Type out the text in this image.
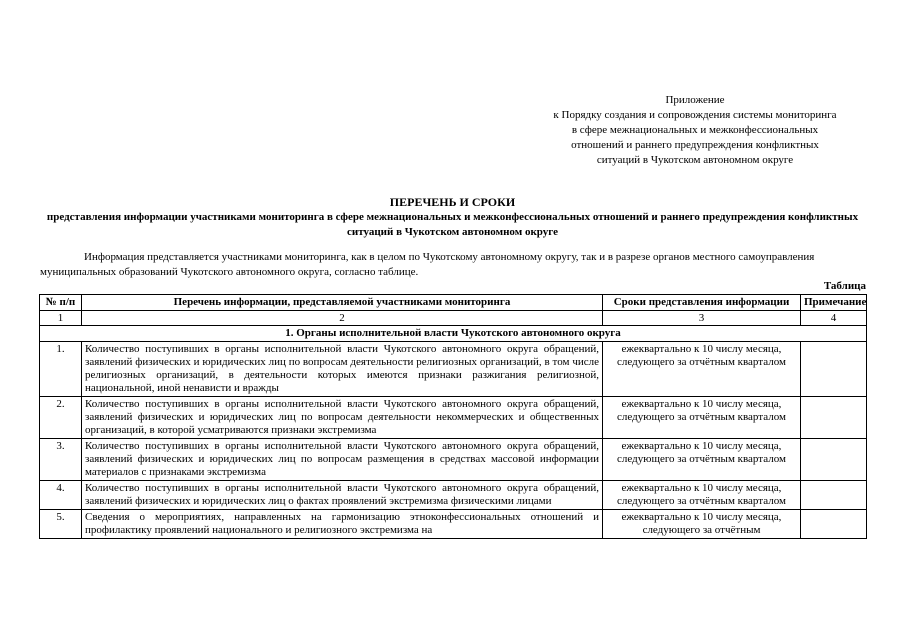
Приложение
к Порядку создания и сопровождения системы мониторинга
в сфере межнациональных и межконфессиональных
отношений и раннего предупреждения конфликтных
ситуаций в Чукотском автономном округе
ПЕРЕЧЕНЬ И СРОКИ
представления информации участниками мониторинга в сфере межнациональных и межконфессиональных отношений и раннего предупреждения конфликтных ситуаций в Чукотском автономном округе
Информация представляется участниками мониторинга, как в целом по Чукотскому автономному округу, так и в разрезе органов местного самоуправления муниципальных образований Чукотского автономного округа, согласно таблице.
Таблица
№ п/п	Перечень информации, представляемой участниками мониторинга	Сроки представления информации	Примечание
1	2	3	4
1. Органы исполнительной власти Чукотского автономного округа			
1.	Количество поступивших в органы исполнительной власти Чукотского автономного округа обращений, заявлений физических и юридических лиц по вопросам деятельности религиозных организаций, в том числе религиозных организаций, в деятельности которых имеются признаки разжигания религиозной, национальной, иной ненависти и вражды	ежеквартально к 10 числу месяца, следующего за отчётным кварталом	
2.	Количество поступивших в органы исполнительной власти Чукотского автономного округа обращений, заявлений физических и юридических лиц по вопросам деятельности некоммерческих и общественных организаций, в которой усматриваются признаки экстремизма	ежеквартально к 10 числу месяца, следующего за отчётным кварталом	
3.	Количество поступивших в органы исполнительной власти Чукотского автономного округа обращений, заявлений физических и юридических лиц по вопросам размещения в средствах массовой информации материалов с признаками экстремизма	ежеквартально к 10 числу месяца, следующего за отчётным кварталом	
4.	Количество поступивших в органы исполнительной власти Чукотского автономного округа обращений, заявлений физических и юридических лиц о фактах проявлений экстремизма физическими лицами	ежеквартально к 10 числу месяца, следующего за отчётным кварталом	
5.	Сведения о мероприятиях, направленных на гармонизацию этноконфессиональных отношений и профилактику проявлений национального и религиозного экстремизма на	ежеквартально к 10 числу месяца, следующего за отчётным	
